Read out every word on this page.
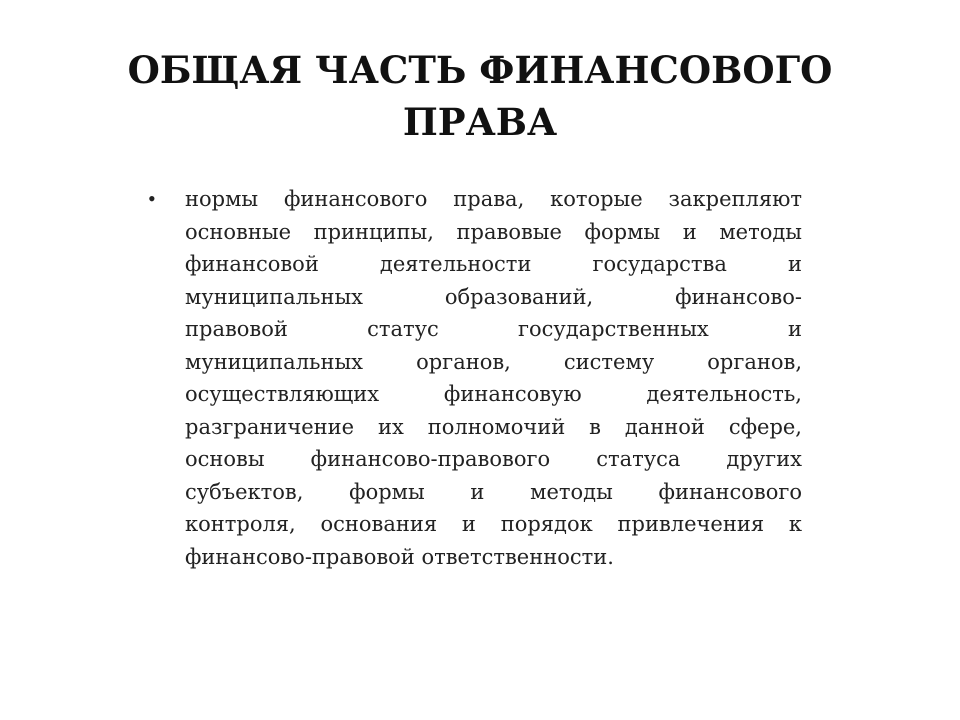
ОБЩАЯ ЧАСТЬ ФИНАНСОВОГО
ПРАВА
• нормы финансового права, которые закрепляют
основные принципы, правовые формы и методы
финансовой деятельности государства и
муниципальных образований, финансово-
правовой статус государственных и
муниципальных органов, систему органов,
осуществляющих финансовую деятельность,
разграничение их полномочий в данной сфере,
основы финансово-правового статуса других
субъектов, формы и методы финансового
контроля, основания и порядок привлечения к
финансово-правовой ответственности.
